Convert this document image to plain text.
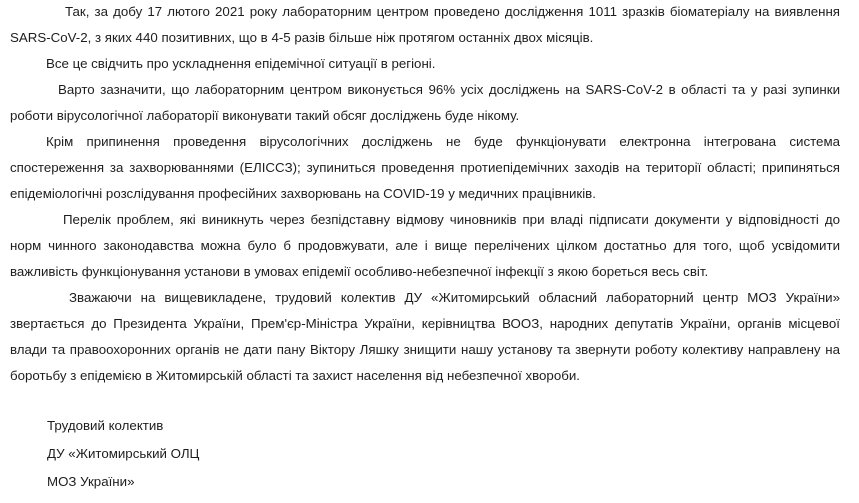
Так, за добу 17 лютого 2021 року лабораторним центром проведено дослідження 1011 зразків біоматеріалу на виявлення SARS-CoV-2, з яких 440 позитивних, що в 4-5 разів більше ніж протягом останніх двох місяців.

Все це свідчить про ускладнення епідемічної ситуації в регіоні.

Варто зазначити, що лабораторним центром виконується 96% усіх досліджень на SARS-CoV-2 в області та у разі зупинки роботи вірусологічної лабораторії виконувати такий обсяг досліджень буде нікому.

Крім припинення проведення вірусологічних досліджень не буде функціонувати електронна інтегрована система спостереження за захворюваннями (ЕЛІСCЗ); зупиниться проведення протиепідемічних заходів на території області; припиняться епідеміологічні розслідування професійних захворювань на COVID-19 у медичних працівників.

Перелік проблем, які виникнуть через безпідставну відмову чиновників при владі підписати документи у відповідності до норм чинного законодавства можна було б продовжувати, але і вище перелічених цілком достатньо для того, щоб усвідомити важливість функціонування установи в умовах епідемії особливо-небезпечної інфекції з якою бореться весь світ.

Зважаючи на вищевикладене, трудовий колектив ДУ «Житомирський обласний лабораторний центр МОЗ України» звертається до Президента України, Прем'єр-Міністра України, керівництва ВООЗ, народних депутатів України, органів місцевої влади та правоохоронних органів не дати пану Віктору Ляшку знищити нашу установу та звернути роботу колективу направлену на боротьбу з епідемією в Житомирській області та захист населення від небезпечної хвороби.

Трудовий колектив
ДУ «Житомирський ОЛЦ
МОЗ України»
